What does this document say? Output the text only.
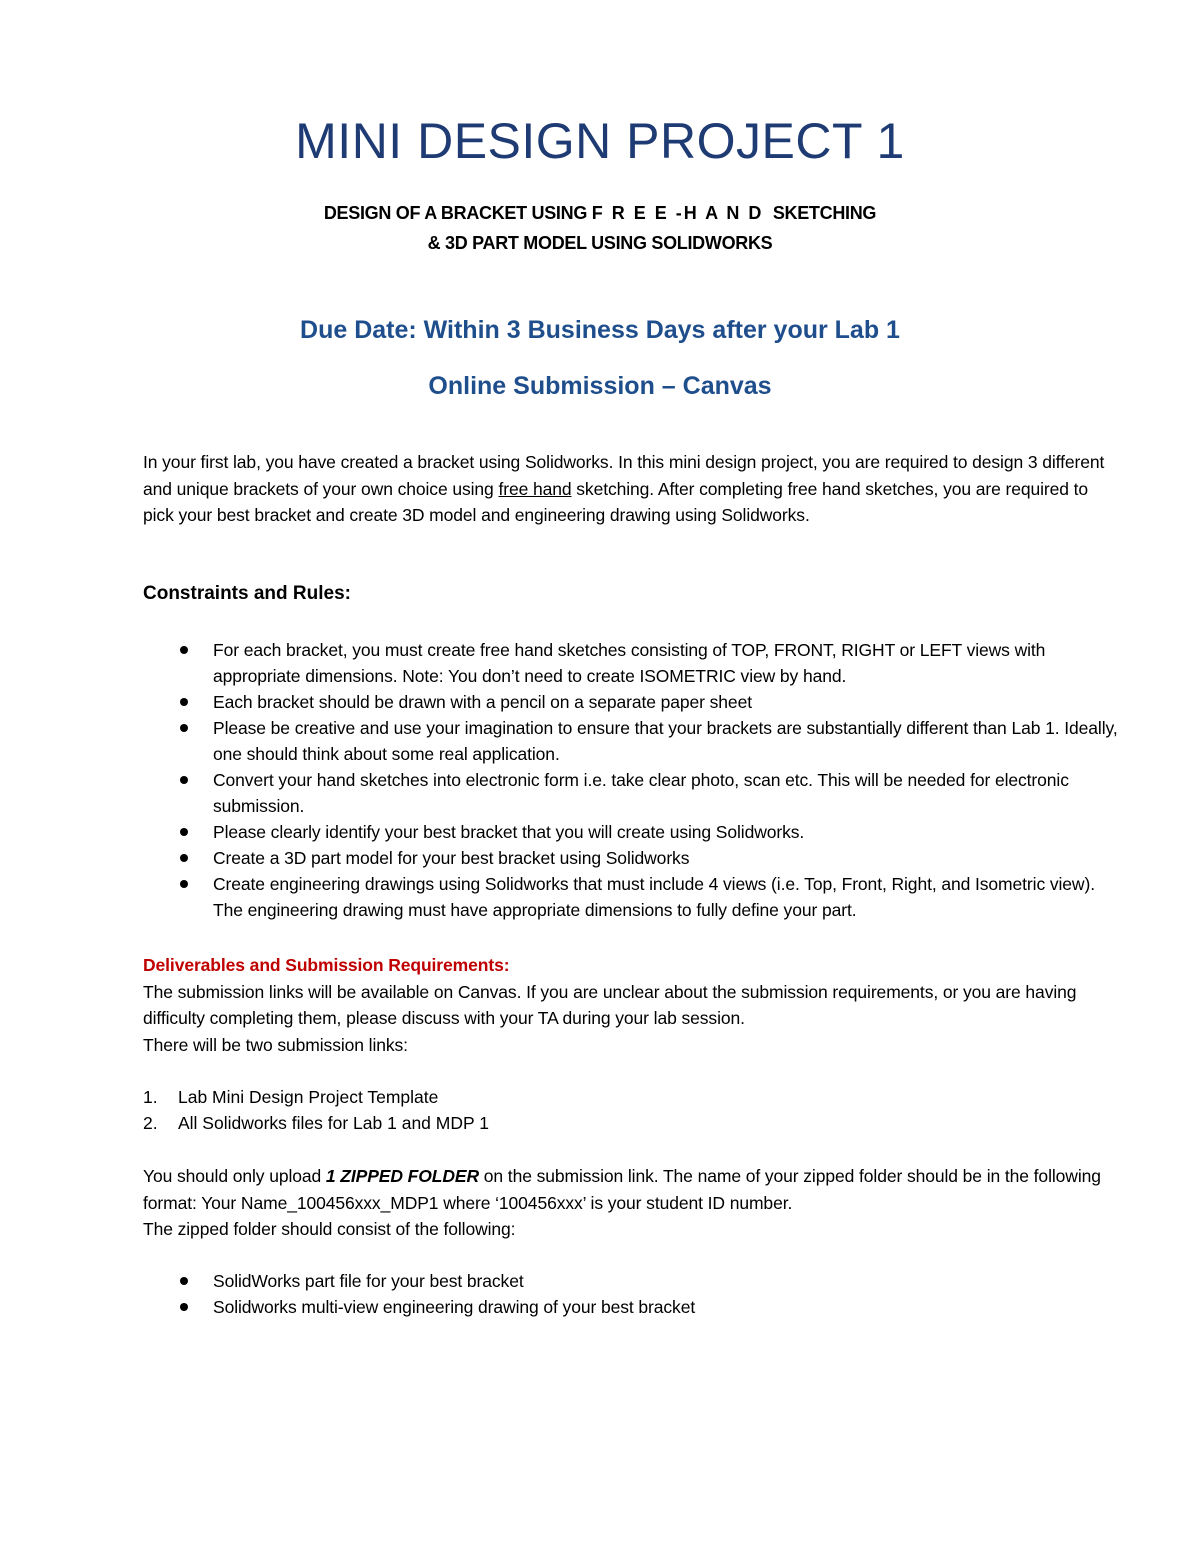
MINI DESIGN PROJECT 1
DESIGN OF A BRACKET USING F R E E -H A N D  SKETCHING
& 3D PART MODEL USING SOLIDWORKS
Due Date: Within 3 Business Days after your Lab 1
Online Submission – Canvas
In your first lab, you have created a bracket using Solidworks. In this mini design project, you are required to design 3 different and unique brackets of your own choice using free hand sketching. After completing free hand sketches, you are required to pick your best bracket and create 3D model and engineering drawing using Solidworks.
Constraints and Rules:
For each bracket, you must create free hand sketches consisting of TOP, FRONT, RIGHT or LEFT views with appropriate dimensions. Note: You don’t need to create ISOMETRIC view by hand.
Each bracket should be drawn with a pencil on a separate paper sheet
Please be creative and use your imagination to ensure that your brackets are substantially different than Lab 1. Ideally, one should think about some real application.
Convert your hand sketches into electronic form i.e. take clear photo, scan etc. This will be needed for electronic submission.
Please clearly identify your best bracket that you will create using Solidworks.
Create a 3D part model for your best bracket using Solidworks
Create engineering drawings using Solidworks that must include 4 views (i.e. Top, Front, Right, and Isometric view). The engineering drawing must have appropriate dimensions to fully define your part.
Deliverables and Submission Requirements:
The submission links will be available on Canvas. If you are unclear about the submission requirements, or you are having difficulty completing them, please discuss with your TA during your lab session.
There will be two submission links:
1. Lab Mini Design Project Template
2. All Solidworks files for Lab 1 and MDP 1
You should only upload 1 ZIPPED FOLDER on the submission link. The name of your zipped folder should be in the following format: Your Name_100456xxx_MDP1 where ‘100456xxx’ is your student ID number.
The zipped folder should consist of the following:
SolidWorks part file for your best bracket
Solidworks multi-view engineering drawing of your best bracket
